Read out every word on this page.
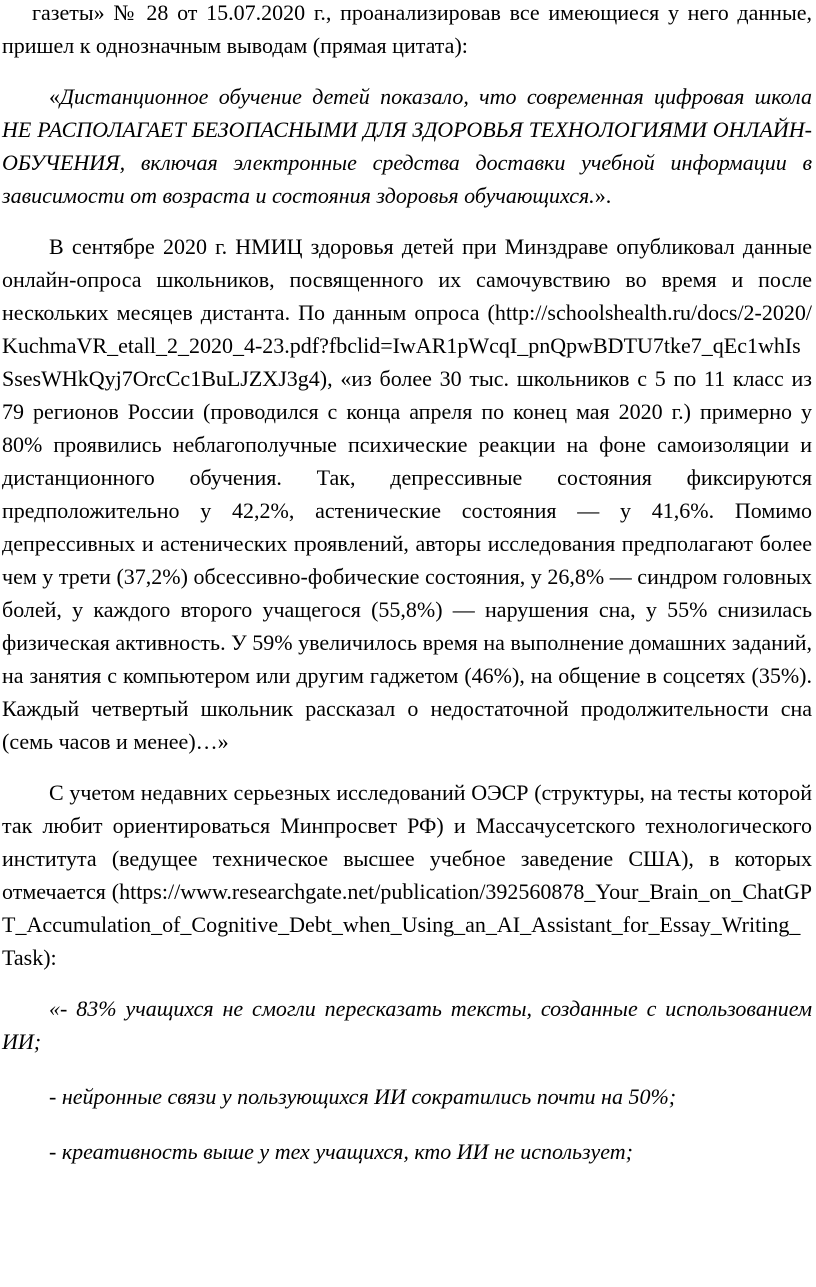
газеты» № 28 от 15.07.2020 г., проанализировав все имеющиеся у него данные, пришел к однозначным выводам (прямая цитата):

«Дистанционное обучение детей показало, что современная цифровая школа НЕ РАСПОЛАГАЕТ БЕЗОПАСНЫМИ ДЛЯ ЗДОРОВЬЯ ТЕХНОЛОГИЯМИ ОНЛАЙН-ОБУЧЕНИЯ, включая электронные средства доставки учебной информации в зависимости от возраста и состояния здоровья обучающихся.».

В сентябре 2020 г. НМИЦ здоровья детей при Минздраве опубликовал данные онлайн-опроса школьников, посвященного их самочувствию во время и после нескольких месяцев дистанта. По данным опроса (http://schoolshealth.ru/docs/2-2020/KuchmaVR_etall_2_2020_4-23.pdf?fbclid=IwAR1pWcqI_pnQpwBDTU7tke7_qEc1whIsSsesWHkQyj7OrcCc1BuLJZXJ3g4), «из более 30 тыс. школьников с 5 по 11 класс из 79 регионов России (проводился с конца апреля по конец мая 2020 г.) примерно у 80% проявились неблагополучные психические реакции на фоне самоизоляции и дистанционного обучения. Так, депрессивные состояния фиксируются предположительно у 42,2%, астенические состояния — у 41,6%. Помимо депрессивных и астенических проявлений, авторы исследования предполагают более чем у трети (37,2%) обсессивно-фобические состояния, у 26,8% — синдром головных болей, у каждого второго учащегося (55,8%) — нарушения сна, у 55% снизилась физическая активность. У 59% увеличилось время на выполнение домашних заданий, на занятия с компьютером или другим гаджетом (46%), на общение в соцсетях (35%). Каждый четвертый школьник рассказал о недостаточной продолжительности сна (семь часов и менее)…»

С учетом недавних серьезных исследований ОЭСР (структуры, на тесты которой так любит ориентироваться Минпросвет РФ) и Массачусетского технологического института (ведущее техническое высшее учебное заведение США), в которых отмечается (https://www.researchgate.net/publication/392560878_Your_Brain_on_ChatGPT_Accumulation_of_Cognitive_Debt_when_Using_an_AI_Assistant_for_Essay_Writing_Task):

«- 83% учащихся не смогли пересказать тексты, созданные с использованием ИИ;

- нейронные связи у пользующихся ИИ сократились почти на 50%;

- креативность выше у тех учащихся, кто ИИ не использует;
